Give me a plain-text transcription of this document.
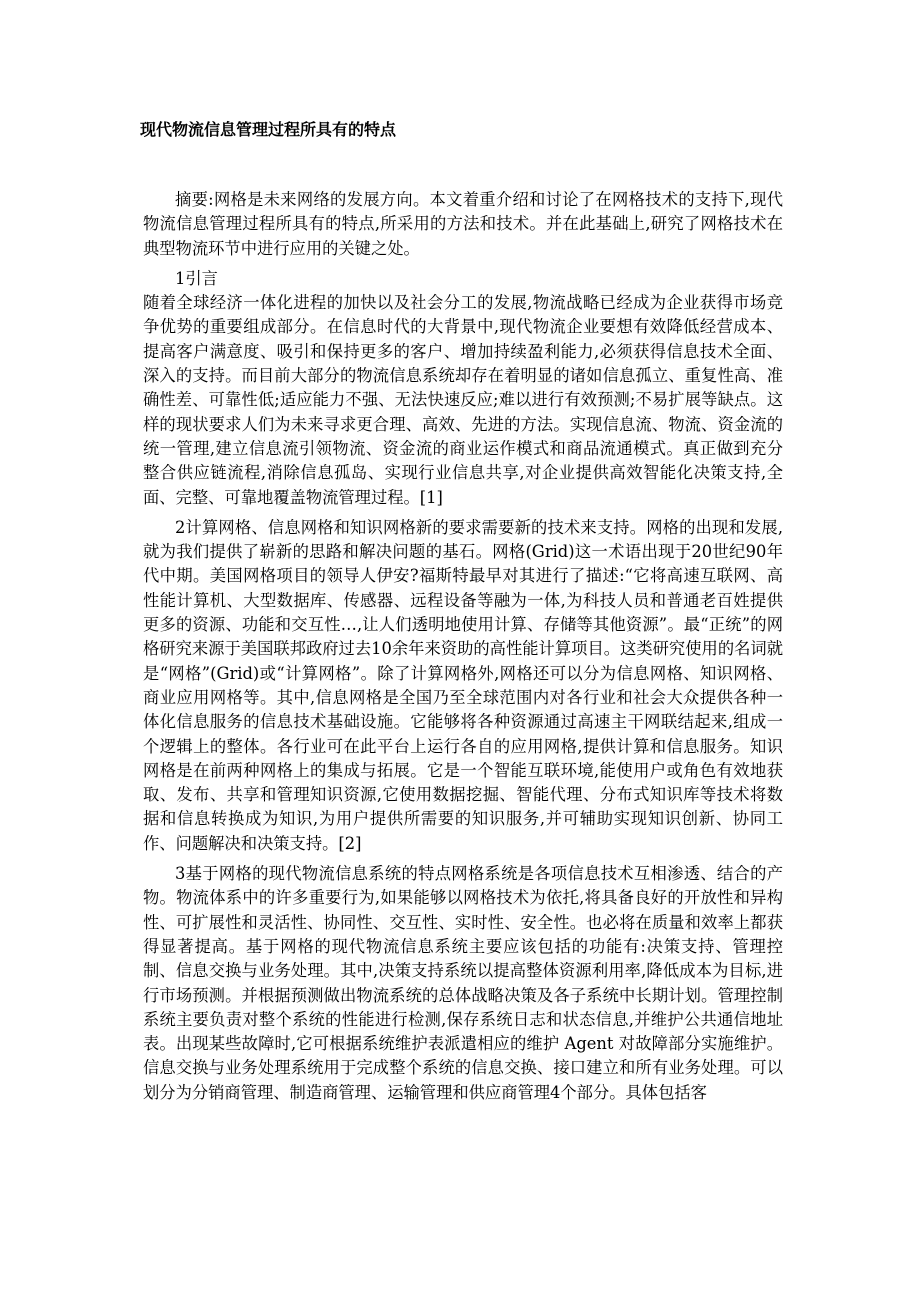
现代物流信息管理过程所具有的特点

摘要:网格是未来网络的发展方向。本文着重介绍和讨论了在网格技术的支持下,现代物流信息管理过程所具有的特点,所采用的方法和技术。并在此基础上,研究了网格技术在典型物流环节中进行应用的关键之处。

1引言

随着全球经济一体化进程的加快以及社会分工的发展,物流战略已经成为企业获得市场竞争优势的重要组成部分。在信息时代的大背景中,现代物流企业要想有效降低经营成本、提高客户满意度、吸引和保持更多的客户、增加持续盈利能力,必须获得信息技术全面、深入的支持。而目前大部分的物流信息系统却存在着明显的诸如信息孤立、重复性高、准确性差、可靠性低;适应能力不强、无法快速反应;难以进行有效预测;不易扩展等缺点。这样的现状要求人们为未来寻求更合理、高效、先进的方法。实现信息流、物流、资金流的统一管理,建立信息流引领物流、资金流的商业运作模式和商品流通模式。真正做到充分整合供应链流程,消除信息孤岛、实现行业信息共享,对企业提供高效智能化决策支持,全面、完整、可靠地覆盖物流管理过程。[1]

2计算网格、信息网格和知识网格新的要求需要新的技术来支持。网格的出现和发展,就为我们提供了崭新的思路和解决问题的基石。网格(Grid)这一术语出现于20世纪90年代中期。美国网格项目的领导人伊安?福斯特最早对其进行了描述:“它将高速互联网、高性能计算机、大型数据库、传感器、远程设备等融为一体,为科技人员和普通老百姓提供更多的资源、功能和交互性…,让人们透明地使用计算、存储等其他资源”。最“正统”的网格研究来源于美国联邦政府过去10余年来资助的高性能计算项目。这类研究使用的名词就是“网格”(Grid)或“计算网格”。除了计算网格外,网格还可以分为信息网格、知识网格、商业应用网格等。其中,信息网格是全国乃至全球范围内对各行业和社会大众提供各种一体化信息服务的信息技术基础设施。它能够将各种资源通过高速主干网联结起来,组成一个逻辑上的整体。各行业可在此平台上运行各自的应用网格,提供计算和信息服务。知识网格是在前两种网格上的集成与拓展。它是一个智能互联环境,能使用户或角色有效地获取、发布、共享和管理知识资源,它使用数据挖掘、智能代理、分布式知识库等技术将数据和信息转换成为知识,为用户提供所需要的知识服务,并可辅助实现知识创新、协同工作、问题解决和决策支持。[2]

3基于网格的现代物流信息系统的特点网格系统是各项信息技术互相渗透、结合的产物。物流体系中的许多重要行为,如果能够以网格技术为依托,将具备良好的开放性和异构性、可扩展性和灵活性、协同性、交互性、实时性、安全性。也必将在质量和效率上都获得显著提高。基于网格的现代物流信息系统主要应该包括的功能有:决策支持、管理控制、信息交换与业务处理。其中,决策支持系统以提高整体资源利用率,降低成本为目标,进行市场预测。并根据预测做出物流系统的总体战略决策及各子系统中长期计划。管理控制系统主要负责对整个系统的性能进行检测,保存系统日志和状态信息,并维护公共通信地址表。出现某些故障时,它可根据系统维护表派遣相应的维护 Agent 对故障部分实施维护。信息交换与业务处理系统用于完成整个系统的信息交换、接口建立和所有业务处理。可以划分为分销商管理、制造商管理、运输管理和供应商管理4个部分。具体包括客
